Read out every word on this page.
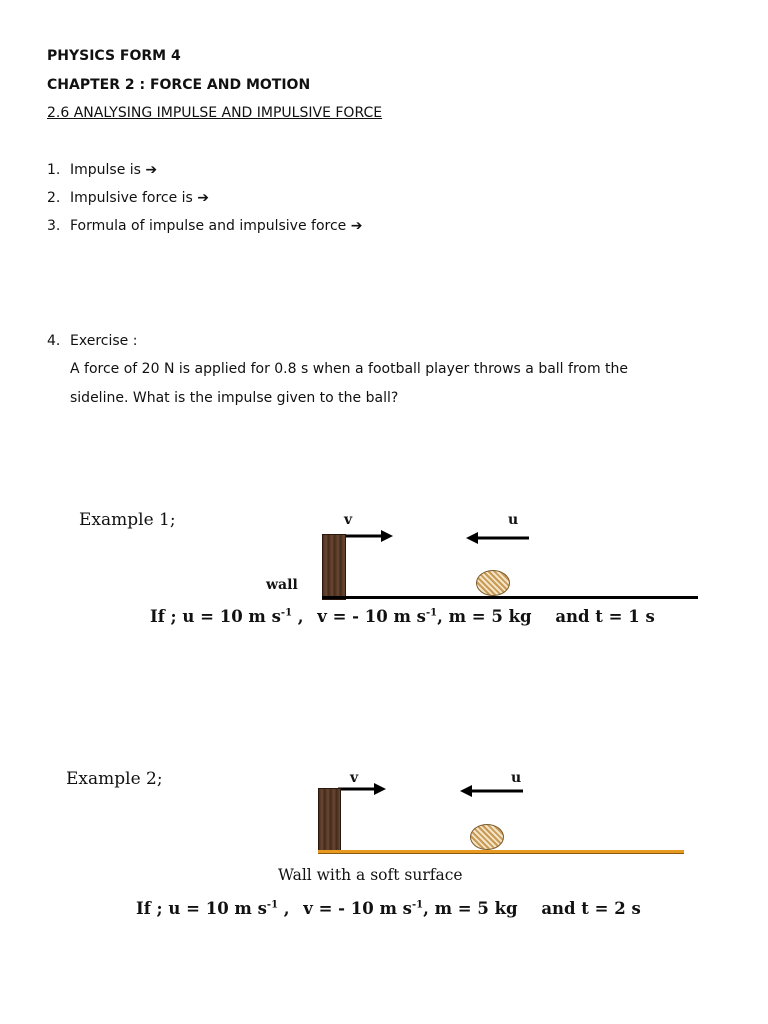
PHYSICS FORM 4
CHAPTER 2 : FORCE AND MOTION
2.6 ANALYSING IMPULSE AND IMPULSIVE FORCE
1. Impulse is ➔
2. Impulsive force is ➔
3. Formula of impulse and impulsive force ➔
4. Exercise :
A force of 20 N is applied for 0.8 s when a football player throws a ball from the
sideline. What is the impulse given to the ball?
Example 1;	v	u
wall
If ; u = 10 m $s^{-1}$ , v = - 10 m $s^{-1}$, m = 5 kg and t = 1 s
Example 2;	v	u
Wall with a soft surface
If ; u = 10 m $s^{-1}$ , v = - 10 m $s^{-1}$, m = 5 kg and t = 2 s
